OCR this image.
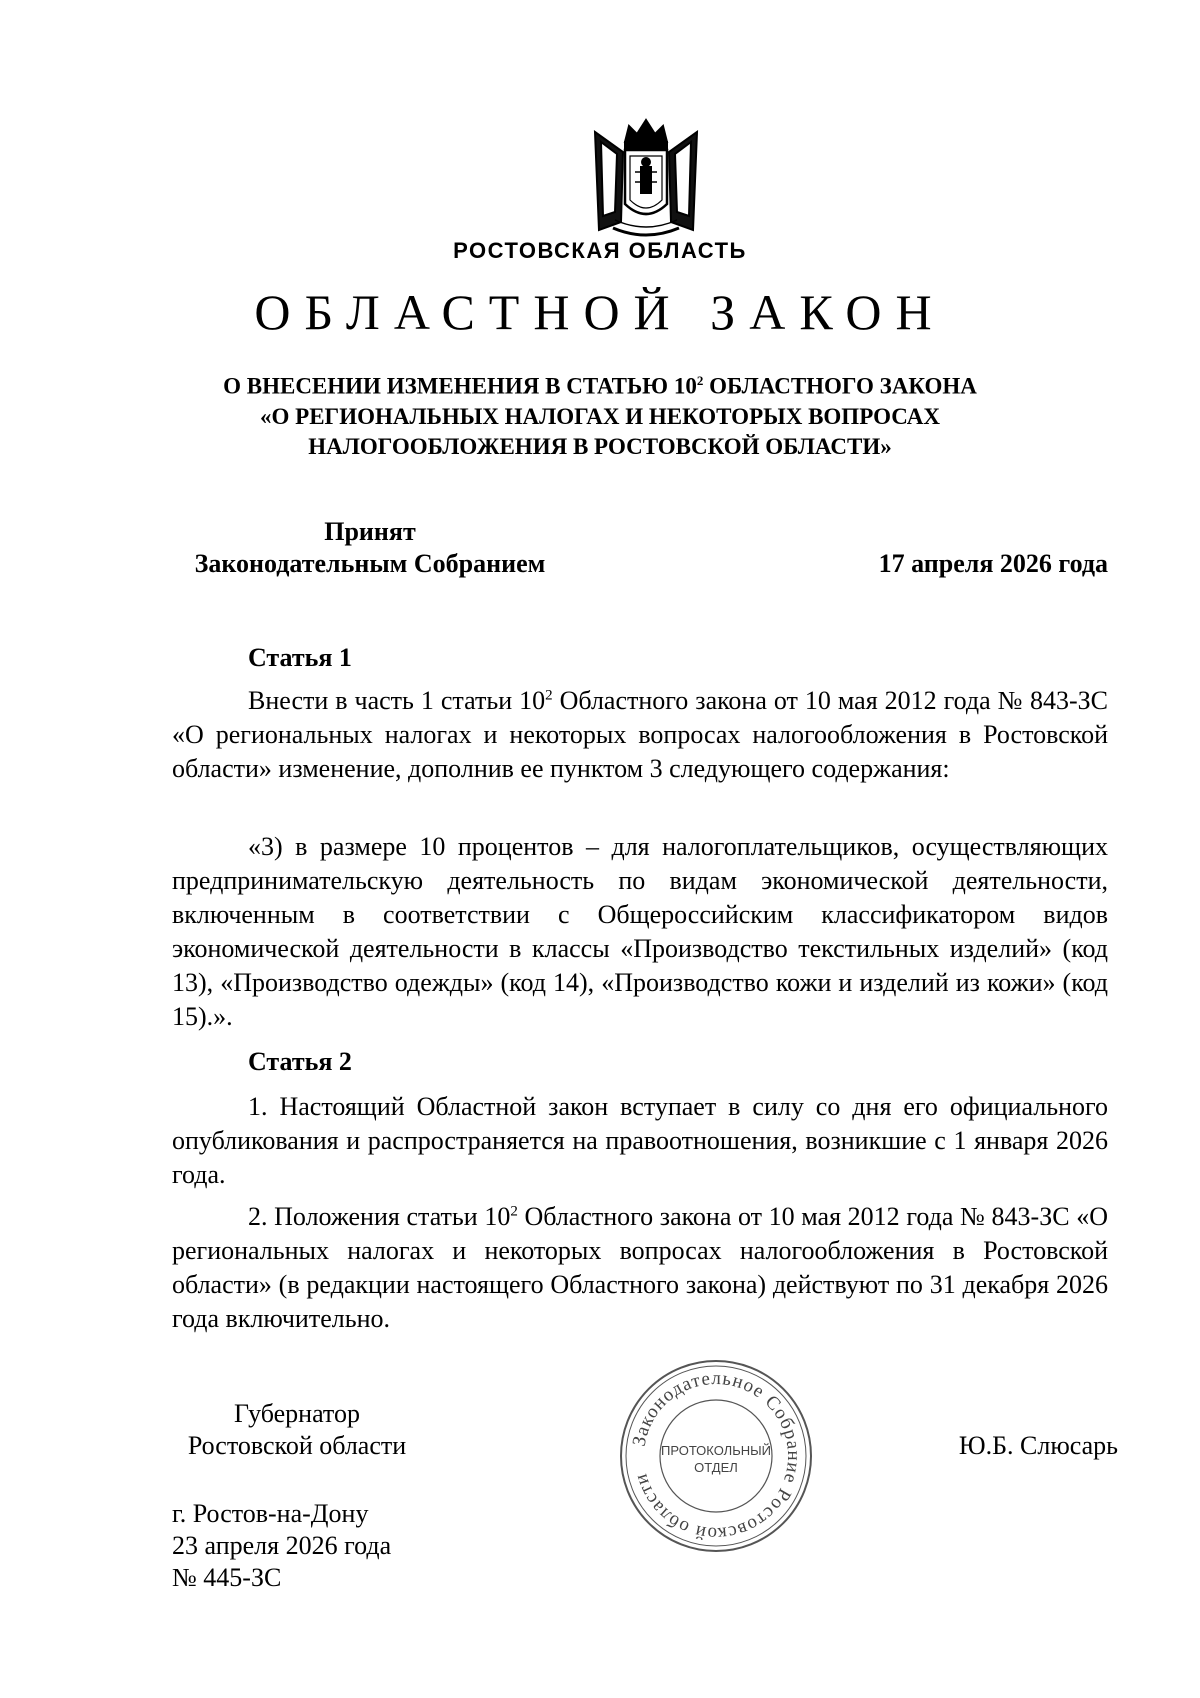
РОСТОВСКАЯ ОБЛАСТЬ
ОБЛАСТНОЙ ЗАКОН
О ВНЕСЕНИИ ИЗМЕНЕНИЯ В СТАТЬЮ $10^2$ ОБЛАСТНОГО ЗАКОНА
«О РЕГИОНАЛЬНЫХ НАЛОГАХ И НЕКОТОРЫХ ВОПРОСАХ
НАЛОГООБЛОЖЕНИЯ В РОСТОВСКОЙ ОБЛАСТИ»
Принят
Законодательным Собранием	17 апреля 2026 года
Статья 1
Внести в часть 1 статьи $10^2$ Областного закона от 10 мая 2012 года № 843-ЗС «О региональных налогах и некоторых вопросах налогообложения в Ростовской области» изменение, дополнив ее пунктом 3 следующего содержания:
«3) в размере 10 процентов – для налогоплательщиков, осуществляющих предпринимательскую деятельность по видам экономической деятельности, включенным в соответствии с Общероссийским классификатором видов экономической деятельности в классы «Производство текстильных изделий» (код 13), «Производство одежды» (код 14), «Производство кожи и изделий из кожи» (код 15).».
Статья 2
1. Настоящий Областной закон вступает в силу со дня его официального опубликования и распространяется на правоотношения, возникшие с 1 января 2026 года.
2. Положения статьи $10^2$ Областного закона от 10 мая 2012 года № 843-ЗС «О региональных налогах и некоторых вопросах налогообложения в Ростовской области» (в редакции настоящего Областного закона) действуют по 31 декабря 2026 года включительно.
Губернатор
Ростовской области	Ю.Б. Слюсарь
г. Ростов-на-Дону
23 апреля 2026 года
№ 445-ЗС
Законодательное Собрание Ростовской области
ПРОТОКОЛЬНЫЙ
ОТДЕЛ
